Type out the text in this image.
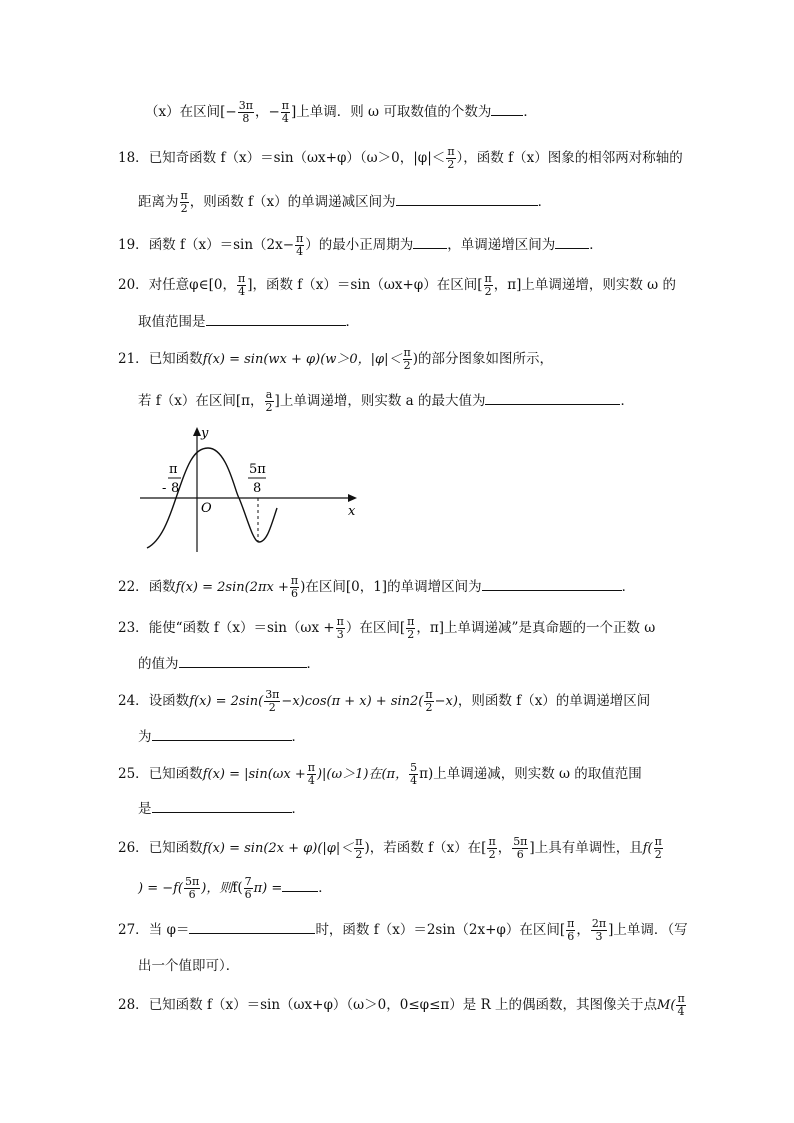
（x）在区间[− $\frac{3\pi}{8}$ ，− $\frac{\pi}{4}$ ]上单调．则 ω 可取数值的个数为 ．
18．已知奇函数 f（x）＝sin（ωx+φ）（ω＞0，$|\varphi|< \frac{\pi}{2}$ ），函数 f（x）图象的相邻两对称轴的
距离为 $\frac{\pi}{2}$ ，则函数 f（x）的单调递减区间为	．
19．函数 $f(x)=\sin(2x- \frac{\pi}{4}$ ）的最小正周期为	，单调递增区间为	．
20．对任意φ∈[0， $\frac{\pi}{4}$ ]，函数 f（x）＝sin（ωx+φ）在区间[ $\frac{\pi}{2}$ ，π]上单调递增，则实数 ω 的
取值范围是	．
21．已知函数f(x) = sin(wx + φ)(w＞0，$|\varphi|< \frac{\pi}{2}$ )的部分图象如图所示，
若 f（x）在区间[π， $\frac{a}{2}$ ]上单调递增，则实数 a 的最大值为	．
y
x
O
-
π
8
5π
8
22．函数$f(x) = 2\sin(2\pi x + \frac{\pi}{6}$ )在区间[0，1]的单调增区间为	．
23．能使“函数 $f(x)=\sin(\omega x + \frac{\pi}{3}$ ）在区间[ $\frac{\pi}{2}$ ，π]上单调递减”是真命题的一个正数 ω
的值为	．
24．设函数$f(x) = 2\sin( \frac{3\pi}{2} -x)\cos(\pi + x) + \sin 2( \frac{\pi}{2} -x)$，则函数 f（x）的单调递增区间
为	．
25．已知函数$f(x) = |\sin(\omega x + \frac{\pi}{4} )|(\omega>1)$在(π， $\frac{5}{4} \pi$)上单调递减，则实数 ω 的取值范围
是	．
26．已知函数$f(x) = \sin(2x + \varphi)(|\varphi|< \frac{\pi}{2}$ )，若函数 f（x）在[ $\frac{\pi}{2}$ ， $\frac{5\pi}{6}$ ]上具有单调性，且$f( \frac{\pi}{2}$
) = $-f( \frac{5\pi}{6}$ )，则$f( \frac{7}{6} \pi)$ =	．
27．当 φ＝	时，函数 f（x）＝2sin（2x+φ）在区间[ $\frac{\pi}{6}$ ， $\frac{2\pi}{3}$ ]上单调．（写
出一个值即可）．
28．已知函数 f（x）＝sin（ωx+φ）（ω＞0，0≤φ≤π）是 R 上的偶函数，其图像关于点$M( \frac{\pi}{4}$
